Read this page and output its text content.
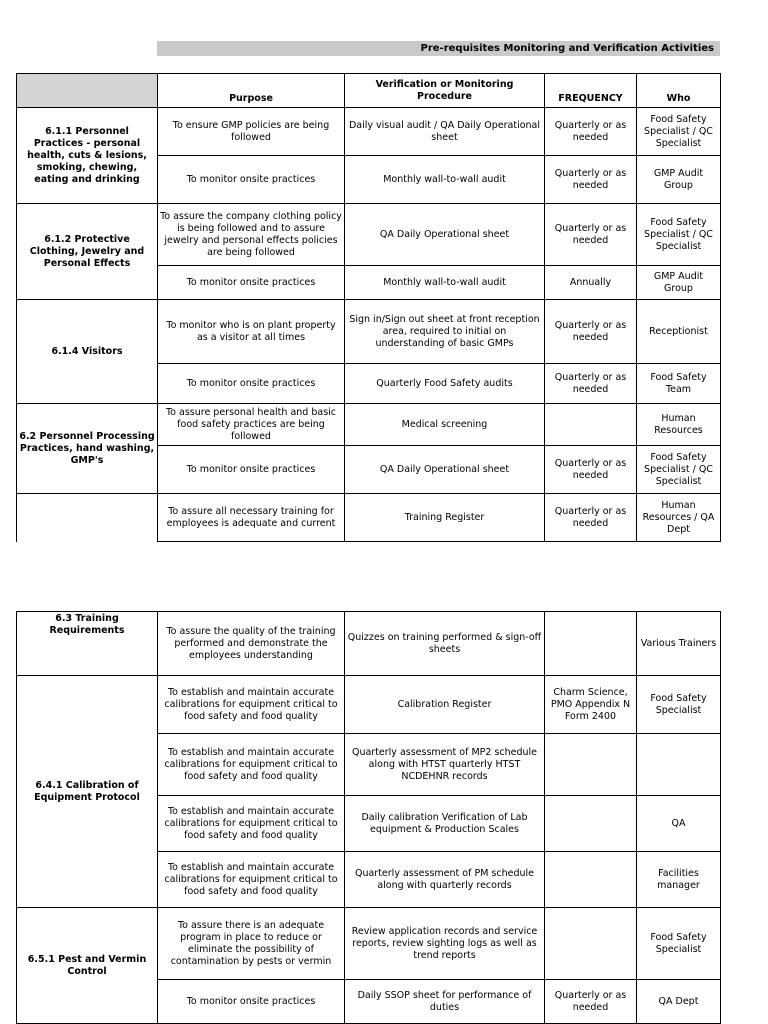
Pre-requisites Monitoring and Verification Activities
	Purpose	Verification or Monitoring Procedure	FREQUENCY	Who
6.1.1 Personnel Practices - personal health, cuts & lesions, smoking, chewing, eating and drinking	To ensure GMP policies are being followed	Daily visual audit / QA Daily Operational sheet	Quarterly or as needed	Food Safety Specialist / QC Specialist
	To monitor onsite practices	Monthly wall-to-wall audit	Quarterly or as needed	GMP Audit Group
6.1.2 Protective Clothing, Jewelry and Personal Effects	To assure the company clothing policy is being followed and to assure jewelry and personal effects policies are being followed	QA Daily Operational sheet	Quarterly or as needed	Food Safety Specialist / QC Specialist
	To monitor onsite practices	Monthly wall-to-wall audit	Annually	GMP Audit Group
6.1.4 Visitors	To monitor who is on plant property as a visitor at all times	Sign in/Sign out sheet at front reception area, required to initial on understanding of basic GMPs	Quarterly or as needed	Receptionist
	To monitor onsite practices	Quarterly Food Safety audits	Quarterly or as needed	Food Safety Team
6.2 Personnel Processing Practices, hand washing, GMP's	To assure personal health and basic food safety practices are being followed	Medical screening		Human Resources
	To monitor onsite practices	QA Daily Operational sheet	Quarterly or as needed	Food Safety Specialist / QC Specialist
	To assure all necessary training for employees is adequate and current	Training Register	Quarterly or as needed	Human Resources / QA Dept
6.3 Training Requirements	To assure the quality of the training performed and demonstrate the employees understanding	Quizzes on training performed & sign-off sheets		Various Trainers
6.4.1 Calibration of Equipment Protocol	To establish and maintain accurate calibrations for equipment critical to food safety and food quality	Calibration Register	Charm Science, PMO Appendix N Form 2400	Food Safety Specialist
	To establish and maintain accurate calibrations for equipment critical to food safety and food quality	Quarterly assessment of MP2 schedule along with HTST quarterly HTST NCDEHNR records		
	To establish and maintain accurate calibrations for equipment critical to food safety and food quality	Daily calibration Verification of Lab equipment & Production Scales		QA
	To establish and maintain accurate calibrations for equipment critical to food safety and food quality	Quarterly assessment of PM schedule along with quarterly records		Facilities manager
6.5.1 Pest and Vermin Control	To assure there is an adequate program in place to reduce or eliminate the possibility of contamination by pests or vermin	Review application records and service reports, review sighting logs as well as trend reports		Food Safety Specialist
	To monitor onsite practices	Daily SSOP sheet for performance of duties	Quarterly or as needed	QA Dept
